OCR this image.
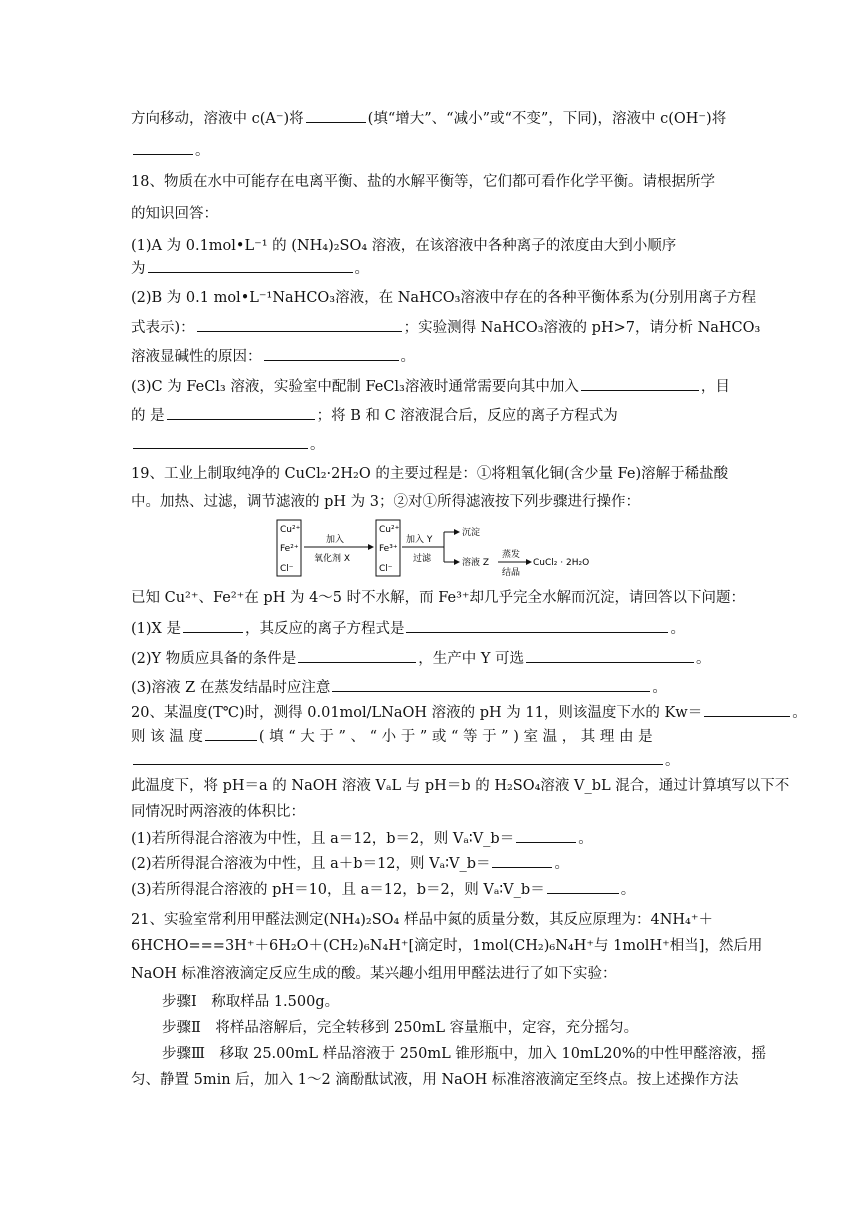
方向移动，溶液中 c(A⁻)将	(填“增大”、“减小”或“不变”，下同)，溶液中 c(OH⁻)将
。
18、物质在水中可能存在电离平衡、盐的水解平衡等，它们都可看作化学平衡。请根据所学
的知识回答：
(1)A 为 0.1mol•L⁻¹ 的 (NH₄)₂SO₄ 溶液，在该溶液中各种离子的浓度由大到小顺序
为	。
(2)B 为 0.1 mol•L⁻¹NaHCO₃溶液，在 NaHCO₃溶液中存在的各种平衡体系为(分别用离子方程
式表示)：	；实验测得 NaHCO₃溶液的 pH>7，请分析 NaHCO₃
溶液显碱性的原因：	。
(3)C 为 FeCl₃ 溶液，实验室中配制 FeCl₃溶液时通常需要向其中加入	，目
的 是	；将 B 和 C 溶液混合后，反应的离子方程式为
。
19、工业上制取纯净的 CuCl₂·2H₂O 的主要过程是：①将粗氧化铜(含少量 Fe)溶解于稀盐酸
中。加热、过滤，调节滤液的 pH 为 3；②对①所得滤液按下列步骤进行操作：
Cu²⁺
Fe²⁺
Cl⁻
加入
氧化剂 X
Cu²⁺
Fe³⁺
Cl⁻
加入 Y
过滤
沉淀
溶液 Z
蒸发
结晶
CuCl₂ · 2H₂O
已知 Cu²⁺、Fe²⁺在 pH 为 4～5 时不水解，而 Fe³⁺却几乎完全水解而沉淀，请回答以下问题：
(1)X 是	，其反应的离子方程式是	。
(2)Y 物质应具备的条件是	，生产中 Y 可选	。
(3)溶液 Z 在蒸发结晶时应注意	。
20、某温度(T℃)时，测得 0.01mol/LNaOH 溶液的 pH 为 11，则该温度下水的 Kw＝	。
则 该 温 度	( 填 “ 大 于 ” 、 “ 小 于 ” 或 “ 等 于 ” ) 室 温 ， 其 理 由 是
。
此温度下，将 pH＝a 的 NaOH 溶液 VₐL 与 pH＝b 的 H₂SO₄溶液 V_bL 混合，通过计算填写以下不
同情况时两溶液的体积比：
(1)若所得混合溶液为中性，且 a＝12，b＝2，则 Vₐ∶V_b＝	。
(2)若所得混合溶液为中性，且 a＋b＝12，则 Vₐ∶V_b＝	。
(3)若所得混合溶液的 pH＝10，且 a＝12，b＝2，则 Vₐ∶V_b＝	。
21、实验室常利用甲醛法测定(NH₄)₂SO₄ 样品中氮的质量分数，其反应原理为：4NH₄⁺＋
6HCHO===3H⁺＋6H₂O＋(CH₂)₆N₄H⁺[滴定时，1mol(CH₂)₆N₄H⁺与 1molH⁺相当]，然后用
NaOH 标准溶液滴定反应生成的酸。某兴趣小组用甲醛法进行了如下实验：
步骤Ⅰ　称取样品 1.500g。
步骤Ⅱ　将样品溶解后，完全转移到 250mL 容量瓶中，定容，充分摇匀。
步骤Ⅲ　移取 25.00mL 样品溶液于 250mL 锥形瓶中，加入 10mL20%的中性甲醛溶液，摇
匀、静置 5min 后，加入 1～2 滴酚酞试液，用 NaOH 标准溶液滴定至终点。按上述操作方法
